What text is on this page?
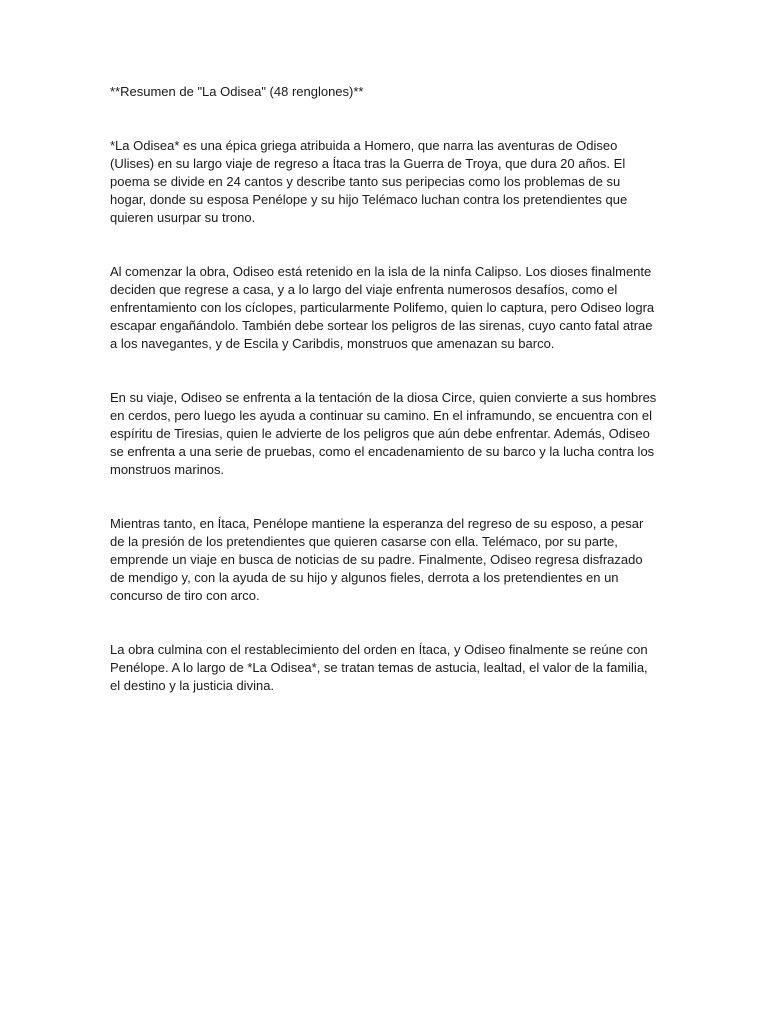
**Resumen de "La Odisea" (48 renglones)**

*La Odisea* es una épica griega atribuida a Homero, que narra las aventuras de Odiseo (Ulises) en su largo viaje de regreso a Ítaca tras la Guerra de Troya, que dura 20 años. El poema se divide en 24 cantos y describe tanto sus peripecias como los problemas de su hogar, donde su esposa Penélope y su hijo Telémaco luchan contra los pretendientes que quieren usurpar su trono.

Al comenzar la obra, Odiseo está retenido en la isla de la ninfa Calipso. Los dioses finalmente deciden que regrese a casa, y a lo largo del viaje enfrenta numerosos desafíos, como el enfrentamiento con los cíclopes, particularmente Polifemo, quien lo captura, pero Odiseo logra escapar engañándolo. También debe sortear los peligros de las sirenas, cuyo canto fatal atrae a los navegantes, y de Escila y Caribdis, monstruos que amenazan su barco.

En su viaje, Odiseo se enfrenta a la tentación de la diosa Circe, quien convierte a sus hombres en cerdos, pero luego les ayuda a continuar su camino. En el inframundo, se encuentra con el espíritu de Tiresias, quien le advierte de los peligros que aún debe enfrentar. Además, Odiseo se enfrenta a una serie de pruebas, como el encadenamiento de su barco y la lucha contra los monstruos marinos.

Mientras tanto, en Ítaca, Penélope mantiene la esperanza del regreso de su esposo, a pesar de la presión de los pretendientes que quieren casarse con ella. Telémaco, por su parte, emprende un viaje en busca de noticias de su padre. Finalmente, Odiseo regresa disfrazado de mendigo y, con la ayuda de su hijo y algunos fieles, derrota a los pretendientes en un concurso de tiro con arco.

La obra culmina con el restablecimiento del orden en Ítaca, y Odiseo finalmente se reúne con Penélope. A lo largo de *La Odisea*, se tratan temas de astucia, lealtad, el valor de la familia, el destino y la justicia divina.
